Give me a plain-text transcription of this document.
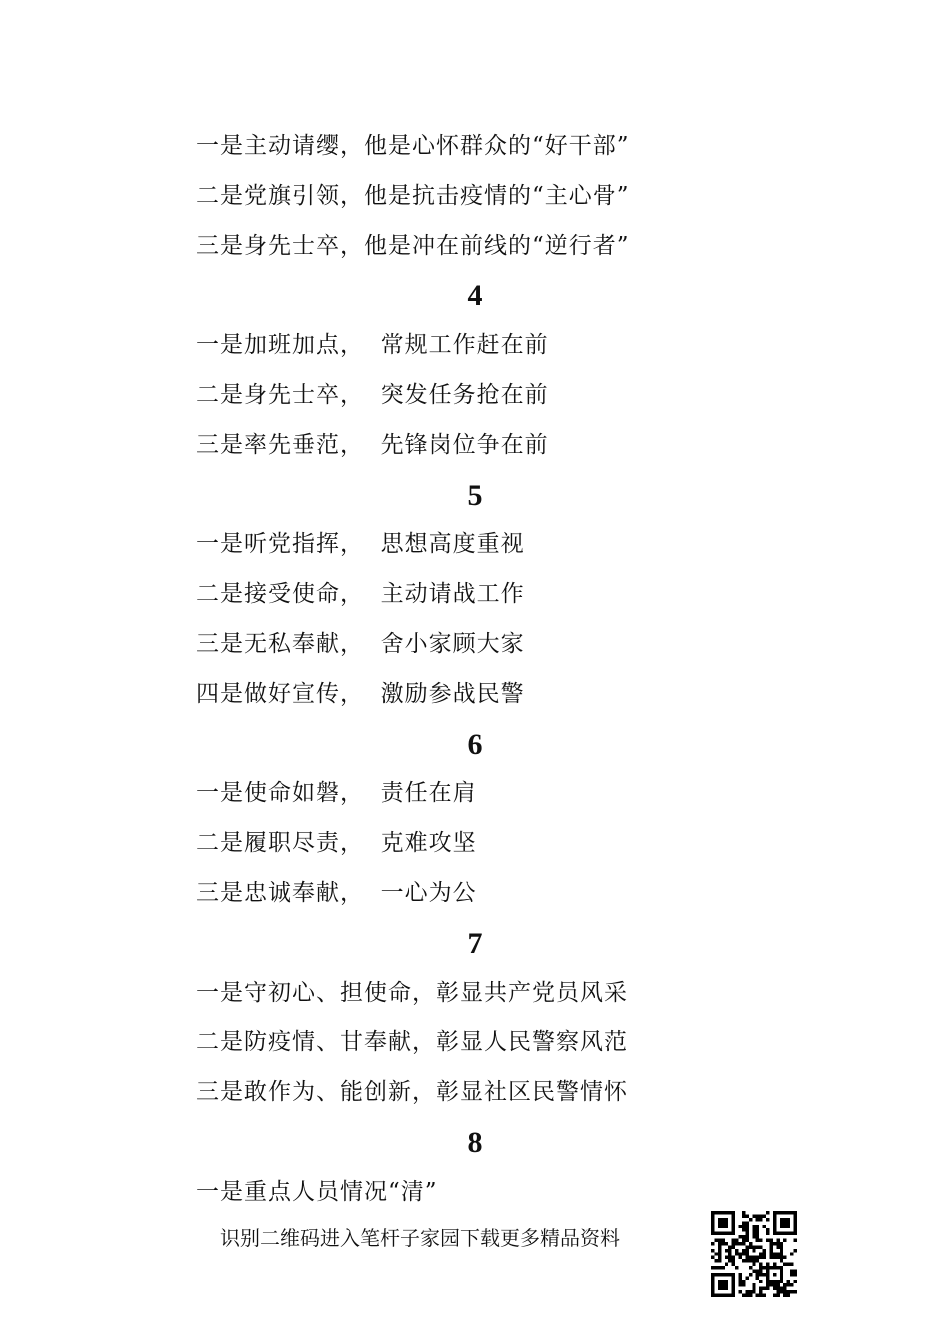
一是主动请缨，他是心怀群众的“好干部”
二是党旗引领，他是抗击疫情的“主心骨”
三是身先士卒，他是冲在前线的“逆行者”
4
一是加班加点，  常规工作赶在前
二是身先士卒，  突发任务抢在前
三是率先垂范，  先锋岗位争在前
5
一是听党指挥，  思想高度重视
二是接受使命，  主动请战工作
三是无私奉献，  舍小家顾大家
四是做好宣传，  激励参战民警
6
一是使命如磐，  责任在肩
二是履职尽责，  克难攻坚
三是忠诚奉献，  一心为公
7
一是守初心、担使命，彰显共产党员风采
二是防疫情、甘奉献，彰显人民警察风范
三是敢作为、能创新，彰显社区民警情怀
8
一是重点人员情况“清”
识别二维码进入笔杆子家园下载更多精品资料
